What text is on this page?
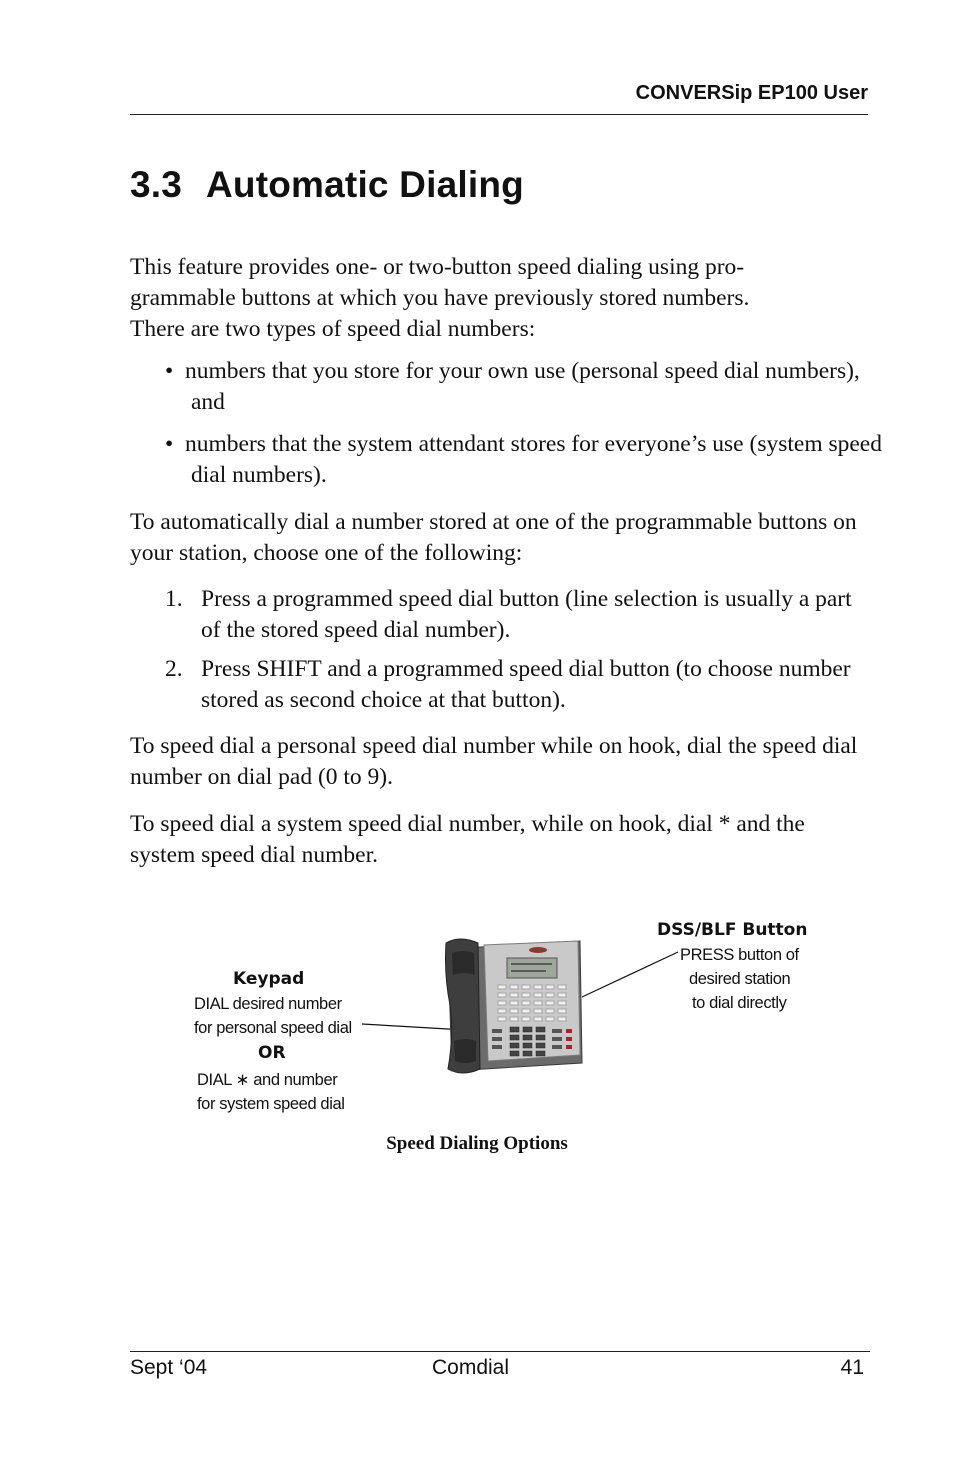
CONVERSip EP100 User
3.3 Automatic Dialing
This feature provides one- or two-button speed dialing using pro-
grammable buttons at which you have previously stored numbers.
There are two types of speed dial numbers:
•  numbers that you store for your own use (personal speed dial numbers), and
•  numbers that the system attendant stores for everyone’s use (system speed dial numbers).
To automatically dial a number stored at one of the programmable buttons on your station, choose one of the following:
1. Press a programmed speed dial button (line selection is usually a part of the stored speed dial number).
2. Press SHIFT and a programmed speed dial button (to choose number stored as second choice at that button).
To speed dial a personal speed dial number while on hook, dial the speed dial number on dial pad (0 to 9).
To speed dial a system speed dial number, while on hook, dial * and the system speed dial number.
Keypad
DIAL desired number
for personal speed dial
OR
DIAL ∗ and number
for system speed dial
DSS/BLF Button
PRESS button of
desired station
to dial directly
Speed Dialing Options
Sept ‘04	Comdial	41
